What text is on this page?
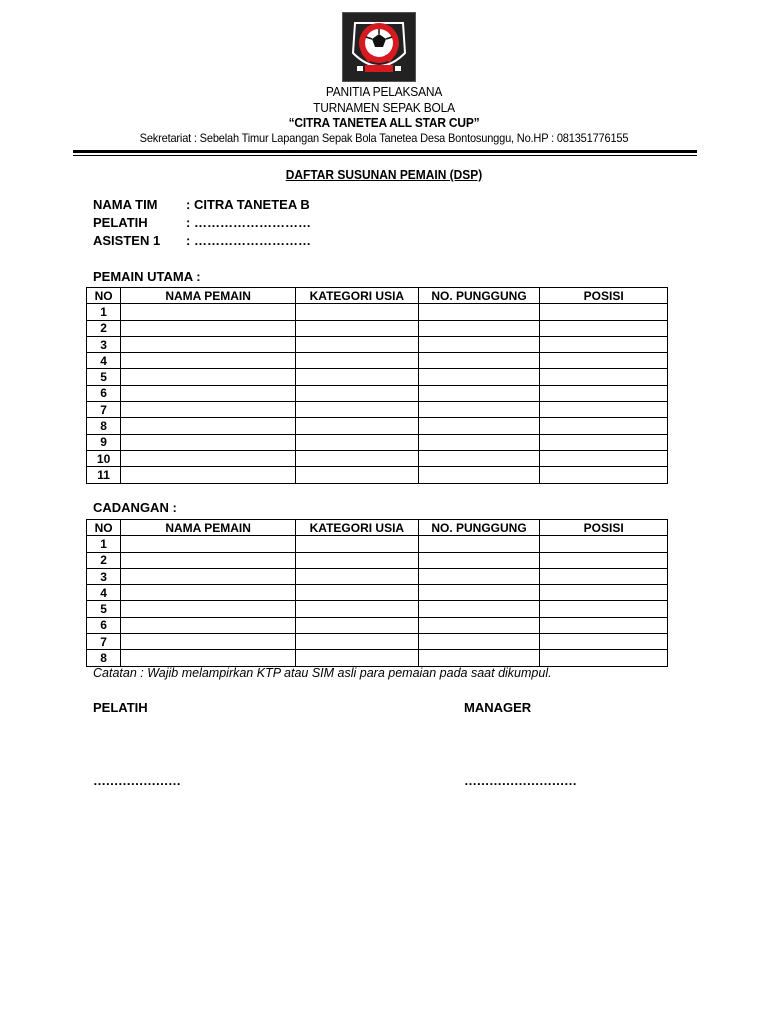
PANITIA PELAKSANA
TURNAMEN SEPAK BOLA
“CITRA TANETEA ALL STAR CUP”
Sekretariat : Sebelah Timur Lapangan Sepak Bola Tanetea Desa Bontosunggu, No.HP : 081351776155
DAFTAR SUSUNAN PEMAIN (DSP)
NAMA TIM : CITRA TANETEA B
PELATIH	: ………………………
ASISTEN 1 : ………………………
PEMAIN UTAMA :
NO	NAMA PEMAIN	KATEGORI USIA	NO. PUNGGUNG	POSISI
1				
2				
3				
4				
5				
6				
7				
8				
9				
10				
11				
CADANGAN :
NO	NAMA PEMAIN	KATEGORI USIA	NO. PUNGGUNG	POSISI
1				
2				
3				
4				
5				
6				
7				
8				
Catatan : Wajib melampirkan KTP atau SIM asli para pemaian pada saat dikumpul.
PELATIH	MANAGER
…………………	………………………
